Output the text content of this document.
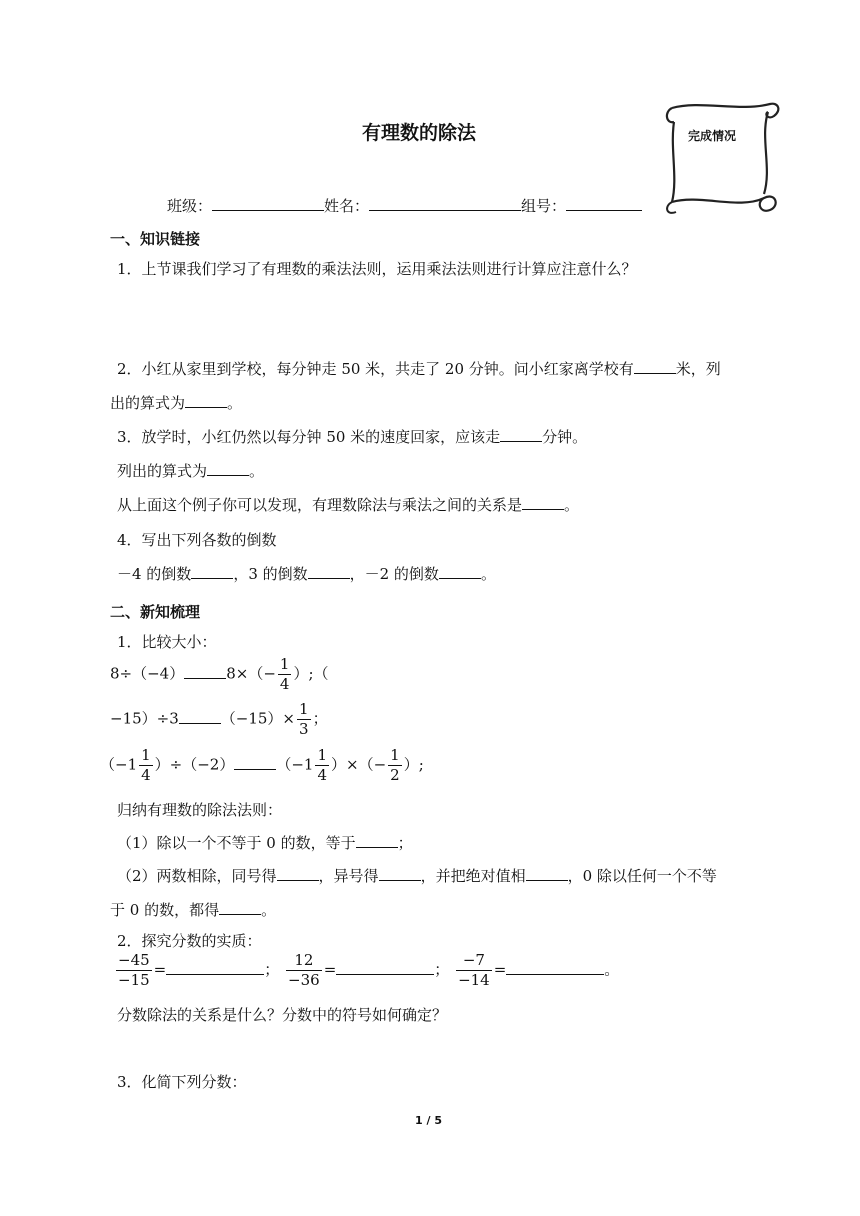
有理数的除法	完成情况
班级：	姓名：	组号：
一、知识链接
1．上节课我们学习了有理数的乘法法则，运用乘法法则进行计算应注意什么？
2．小红从家里到学校，每分钟走 50 米，共走了 20 分钟。问小红家离学校有	米，列
出的算式为	。
3．放学时，小红仍然以每分钟 50 米的速度回家，应该走	分钟。
列出的算式为	。
从上面这个例子你可以发现，有理数除法与乘法之间的关系是	。
4．写出下列各数的倒数
－4 的倒数	，3 的倒数	，－2 的倒数	。
二、新知梳理
1．比较大小：
8÷（−4）	$8\times(- \frac{1}{4}$ ）;（
−15）÷3	$(-15)\times \frac{1}{3}$ ；
$(-1 \frac{1}{4} )\div(-2)$	（$-1 \frac{1}{4}$ ）×（− $\frac{1}{2}$ ）;
归纳有理数的除法法则：
（1）除以一个不等于 0 的数，等于	；
（2）两数相除，同号得	，异号得	，并把绝对值相	，0 除以任何一个不等
于 0 的数，都得	。
2．探究分数的实质：
$\frac{-45}{-15}$ =	； $\frac{12}{-36}$ =	； $\frac{-7}{-14}$ =	。
分数除法的关系是什么？分数中的符号如何确定？
3．化简下列分数：
1 / 5
